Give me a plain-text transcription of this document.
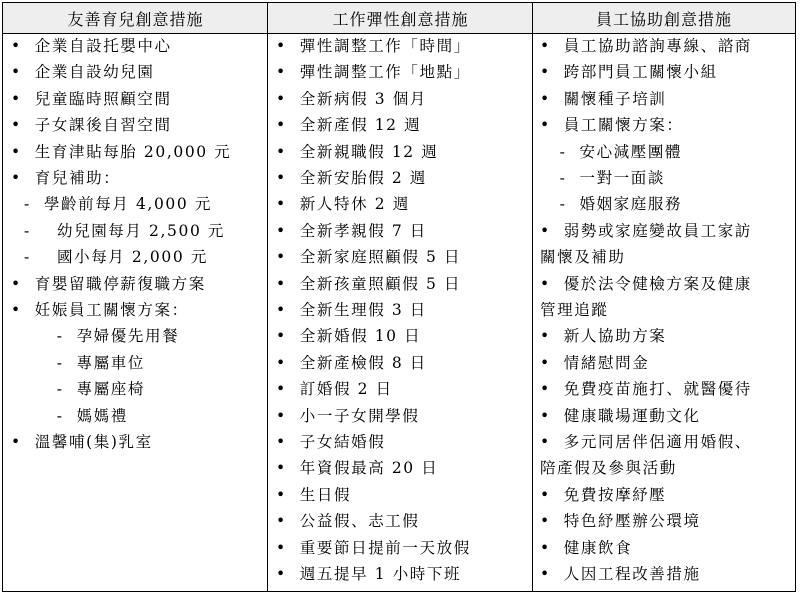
友善育兒創意措施	工作彈性創意措施	員工協助創意措施
•  企業自設托嬰中心
•  企業自設幼兒園
•  兒童臨時照顧空間
•  子女課後自習空間
•  生育津貼每胎 20,000 元
•  育兒補助：
-  學齡前每月 4,000 元
-    幼兒園每月 2,500 元
-    國小每月 2,000 元
•  育嬰留職停薪復職方案
•  妊娠員工關懷方案：
-  孕婦優先用餐
-  專屬車位
-  專屬座椅
-  媽媽禮
•  溫馨哺(集)乳室
•  彈性調整工作「時間」
•  彈性調整工作「地點」
•  全新病假 3 個月
•  全新產假 12 週
•  全新親職假 12 週
•  全新安胎假 2 週
•  新人特休 2 週
•  全新孝親假 7 日
•  全新家庭照顧假 5 日
•  全新孩童照顧假 5 日
•  全新生理假 3 日
•  全新婚假 10 日
•  全新產檢假 8 日
•  訂婚假 2 日
•  小一子女開學假
•  子女結婚假
•  年資假最高 20 日
•  生日假
•  公益假、志工假
•  重要節日提前一天放假
•  週五提早 1 小時下班
•  員工協助諮詢專線、諮商
•  跨部門員工關懷小組
•  關懷種子培訓
•  員工關懷方案：
-  安心減壓團體
-  一對一面談
-  婚姻家庭服務
•  弱勢或家庭變故員工家訪
關懷及補助
•  優於法令健檢方案及健康
管理追蹤
•  新人協助方案
•  情緒慰問金
•  免費疫苗施打、就醫優待
•  健康職場運動文化
•  多元同居伴侶適用婚假、
陪產假及參與活動
•  免費按摩紓壓
•  特色紓壓辦公環境
•  健康飲食
•  人因工程改善措施
